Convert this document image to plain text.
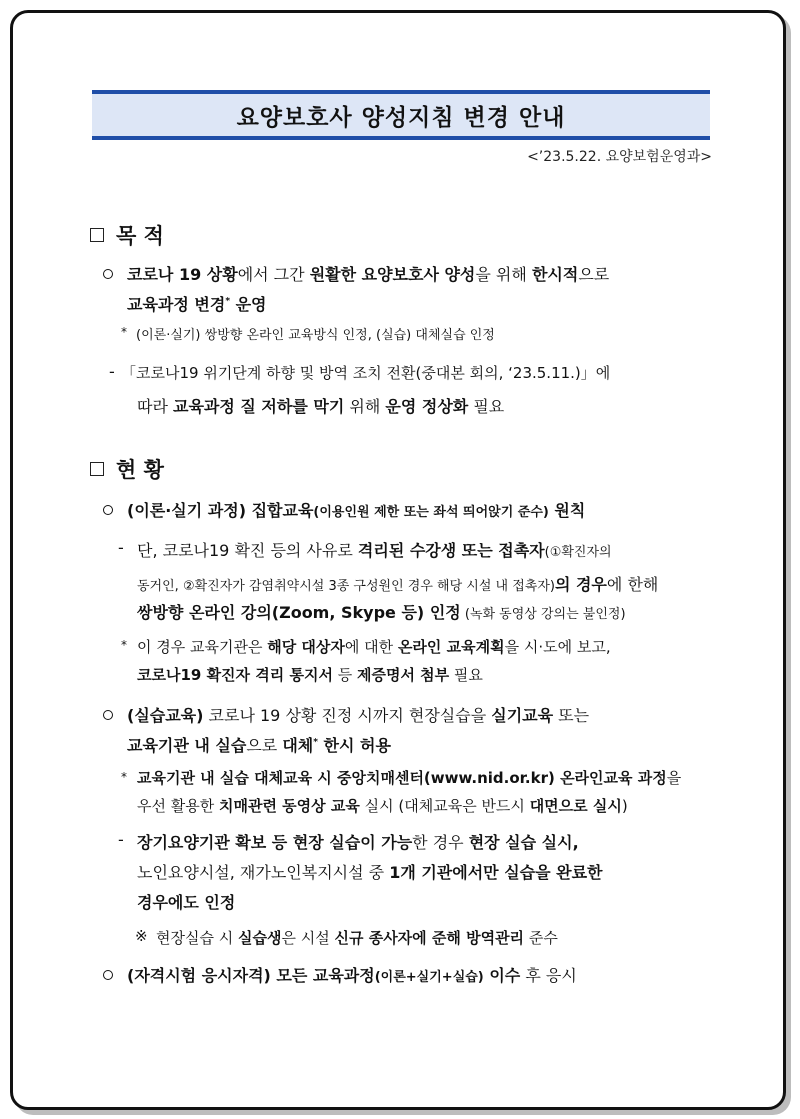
요양보호사 양성지침 변경 안내
<’23.5.22. 요양보험운영과>
목 적
코로나 19 상황에서 그간 원활한 요양보호사 양성을 위해 한시적으로
교육과정 변경* 운영
* (이론·실기) 쌍방향 온라인 교육방식 인정, (실습) 대체실습 인정
- 「코로나19 위기단계 하향 및 방역 조치 전환(중대본 회의, ‘23.5.11.)」에
따라 교육과정 질 저하를 막기 위해 운영 정상화 필요
현 황
(이론·실기 과정) 집합교육(이용인원 제한 또는 좌석 띄어앉기 준수) 원칙
- 단, 코로나19 확진 등의 사유로 격리된 수강생 또는 접촉자(①확진자의
동거인, ②확진자가 감염취약시설 3종 구성원인 경우 해당 시설 내 접촉자)의 경우에 한해
쌍방향 온라인 강의(Zoom, Skype 등) 인정 (녹화 동영상 강의는 불인정)
* 이 경우 교육기관은 해당 대상자에 대한 온라인 교육계획을 시·도에 보고,
코로나19 확진자 격리 통지서 등 제증명서 첨부 필요
(실습교육) 코로나 19 상황 진정 시까지 현장실습을 실기교육 또는
교육기관 내 실습으로 대체* 한시 허용
* 교육기관 내 실습 대체교육 시 중앙치매센터(www.nid.or.kr) 온라인교육 과정을
우선 활용한 치매관련 동영상 교육 실시 (대체교육은 반드시 대면으로 실시)
- 장기요양기관 확보 등 현장 실습이 가능한 경우 현장 실습 실시,
노인요양시설, 재가노인복지시설 중 1개 기관에서만 실습을 완료한
경우에도 인정
※ 현장실습 시 실습생은 시설 신규 종사자에 준해 방역관리 준수
(자격시험 응시자격) 모든 교육과정(이론+실기+실습) 이수 후 응시
